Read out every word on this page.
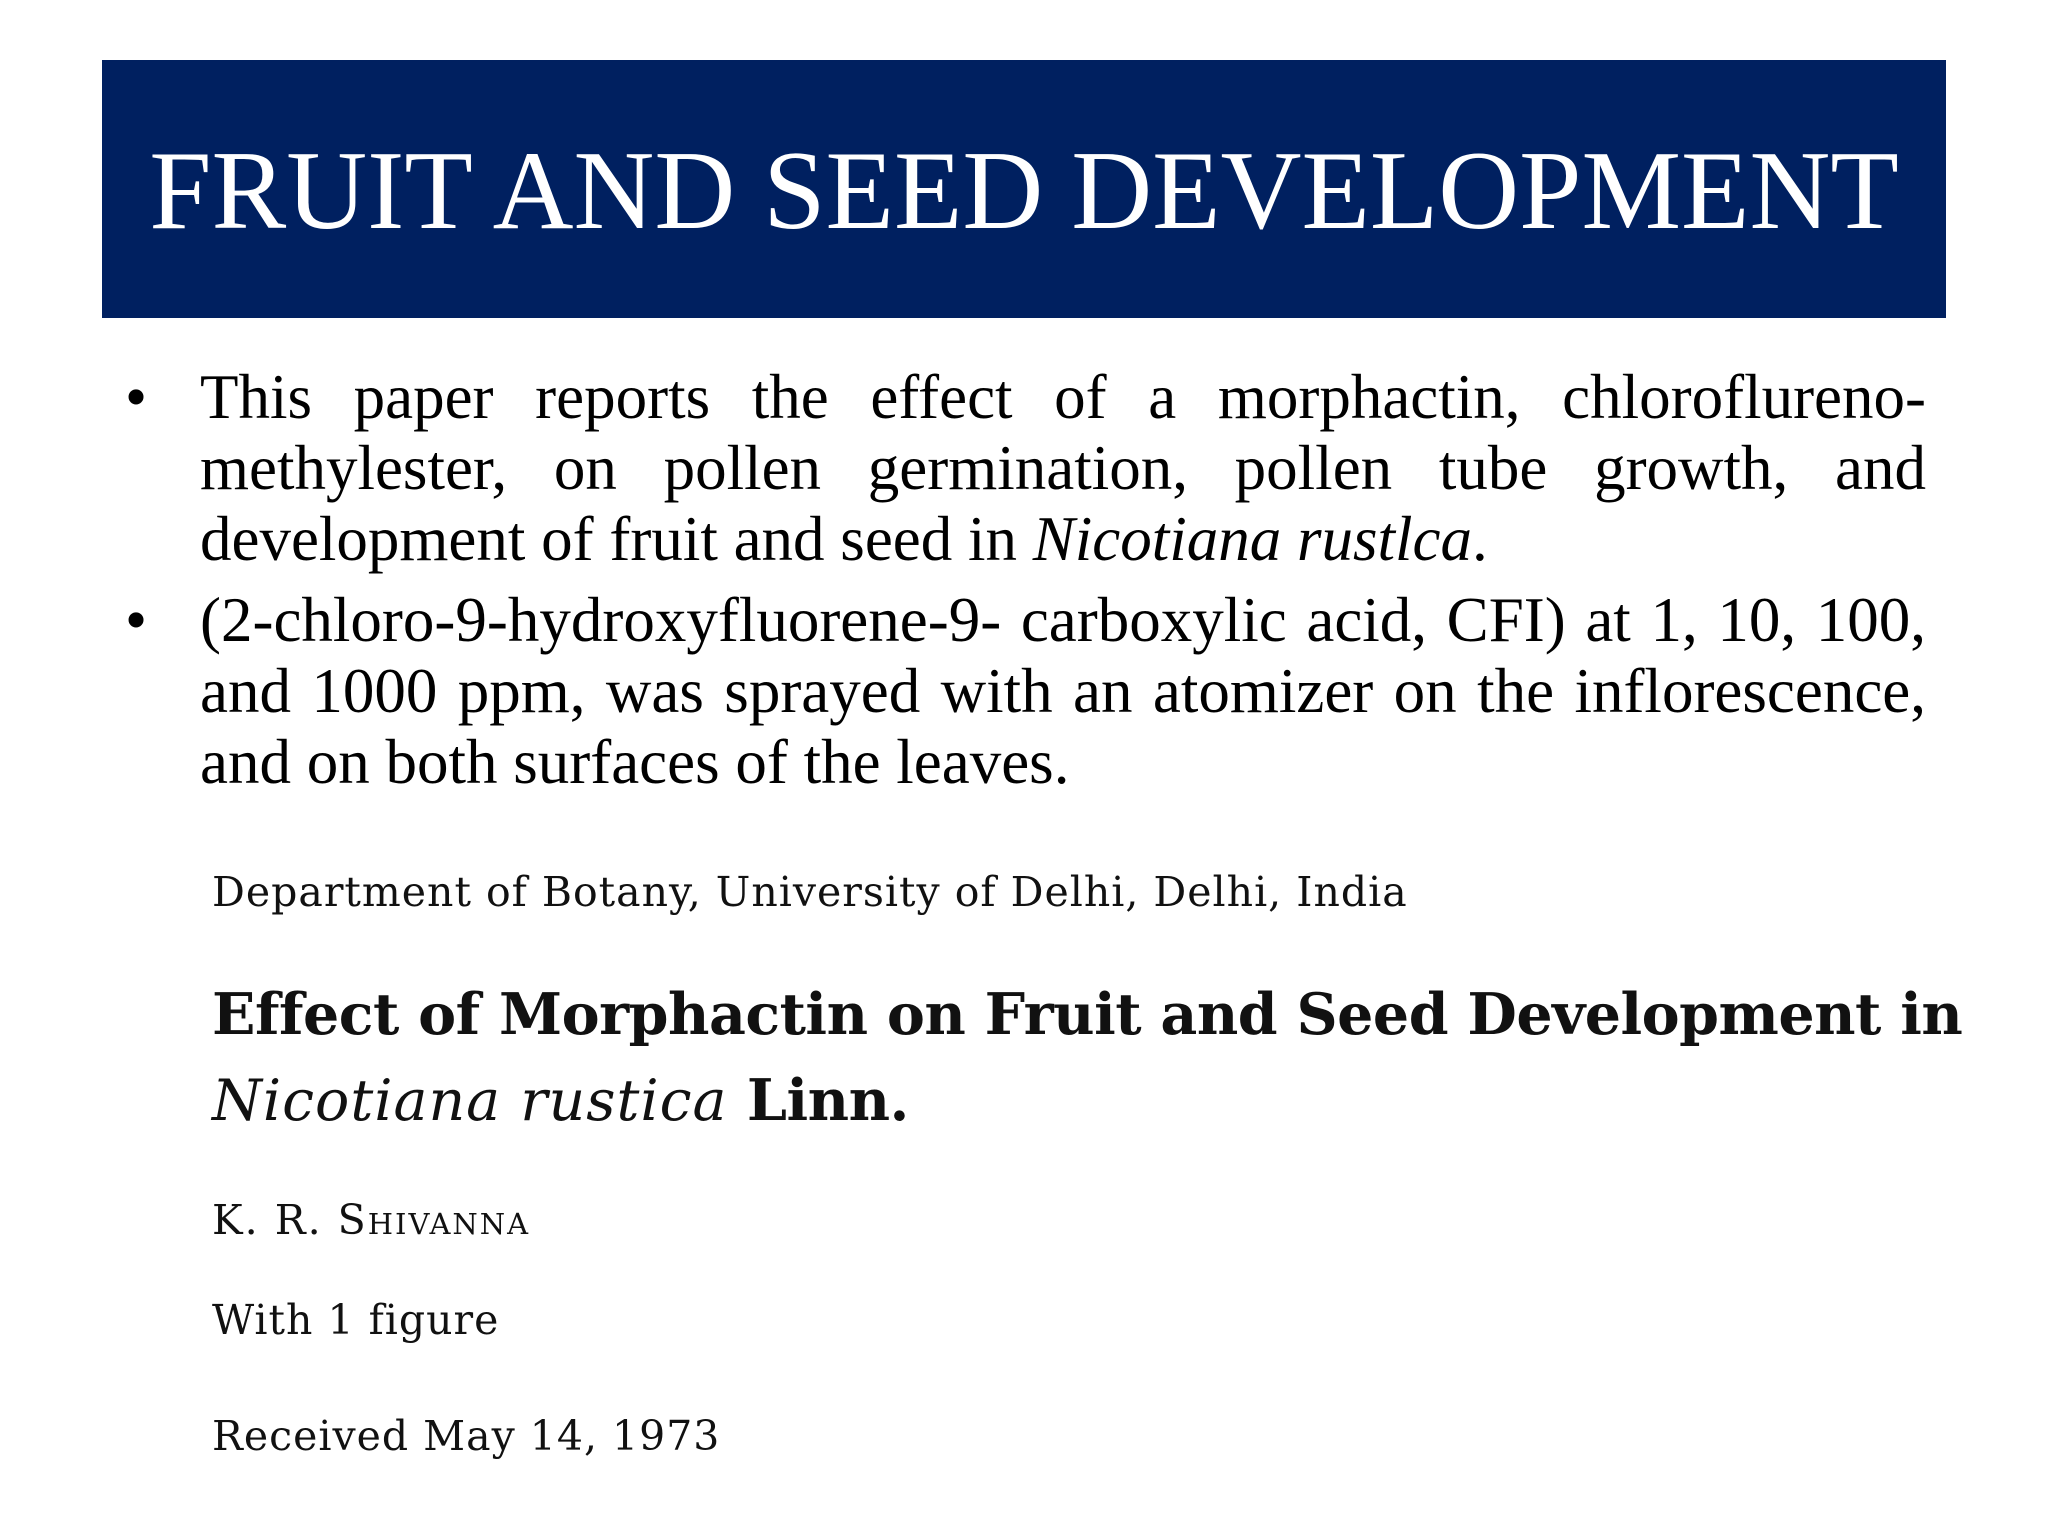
FRUIT AND SEED DEVELOPMENT
• This paper reports the effect of a morphactin, chloroflureno-methylester, on pollen germination, pollen tube growth, and development of fruit and seed in Nicotiana rustlca.
• (2-chloro-9-hydroxyfluorene-9- carboxylic acid, CFI) at 1, 10, 100, and 1000 ppm, was sprayed with an atomizer on the inflorescence, and on both surfaces of the leaves.
Department of Botany, University of Delhi, Delhi, India
Effect of Morphactin on Fruit and Seed Development in
Nicotiana rustica Linn.
K. R. Shivanna
With 1 figure
Received May 14, 1973
